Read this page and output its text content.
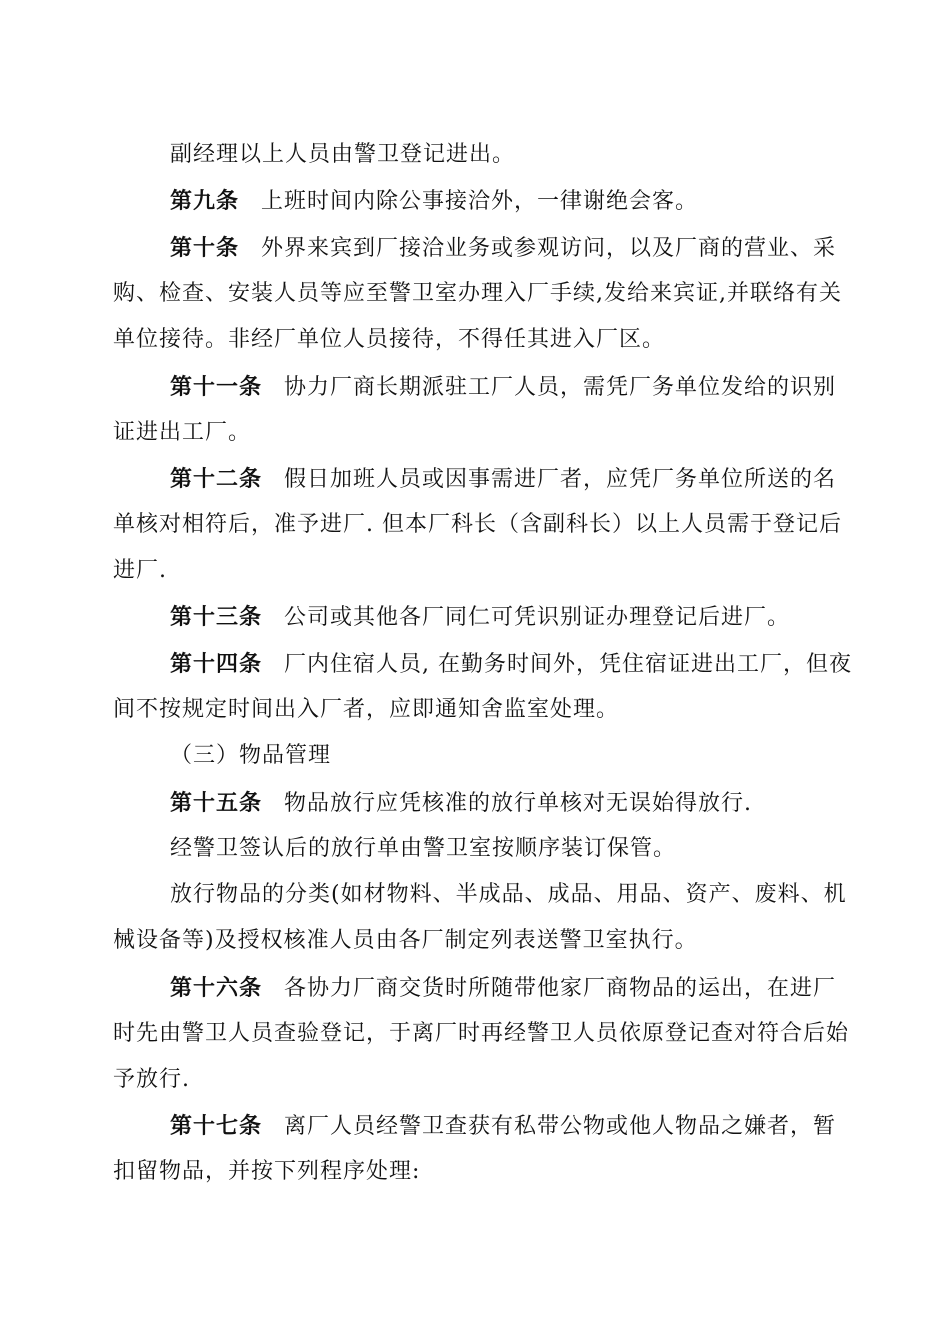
副经理以上人员由警卫登记进出。
第九条 上班时间内除公事接洽外，一律谢绝会客。
第十条 外界来宾到厂接洽业务或参观访问，以及厂商的营业、采
购、检查、安装人员等应至警卫室办理入厂手续,发给来宾证,并联络有关
单位接待。非经厂单位人员接待，不得任其进入厂区。
第十一条 协力厂商长期派驻工厂人员，需凭厂务单位发给的识别
证进出工厂。
第十二条 假日加班人员或因事需进厂者，应凭厂务单位所送的名
单核对相符后，准予进厂. 但本厂科长（含副科长）以上人员需于登记后
进厂.
第十三条 公司或其他各厂同仁可凭识别证办理登记后进厂。
第十四条 厂内住宿人员, 在勤务时间外，凭住宿证进出工厂，但夜
间不按规定时间出入厂者，应即通知舍监室处理。
（三）物品管理
第十五条 物品放行应凭核准的放行单核对无误始得放行.
经警卫签认后的放行单由警卫室按顺序装订保管。
放行物品的分类(如材物料、半成品、成品、用品、资产、废料、机
械设备等)及授权核准人员由各厂制定列表送警卫室执行。
第十六条 各协力厂商交货时所随带他家厂商物品的运出，在进厂
时先由警卫人员查验登记，于离厂时再经警卫人员依原登记查对符合后始
予放行.
第十七条 离厂人员经警卫查获有私带公物或他人物品之嫌者，暂
扣留物品，并按下列程序处理:
